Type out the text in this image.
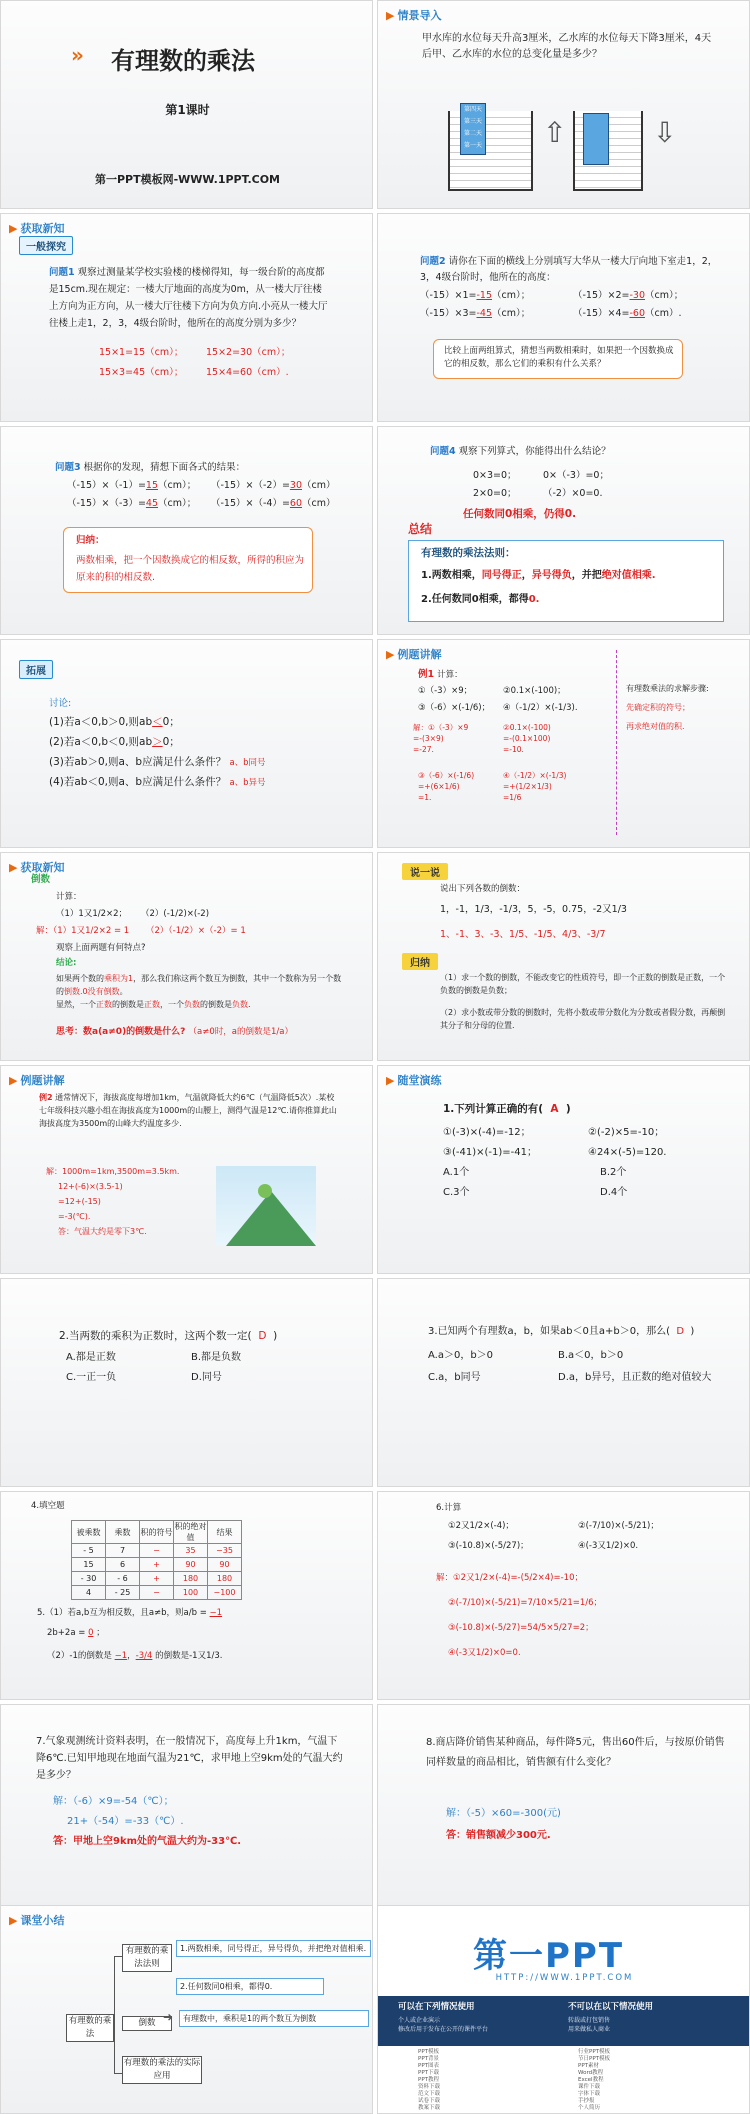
» 有理数的乘法
第1课时
第一PPT模板网-WWW.1PPT.COM
▶ 情景导入
甲水库的水位每天升高3厘米，乙水库的水位每天下降3厘米，4天后甲、乙水库的水位的总变化量是多少？
第四天
第三天
第二天
第一天 ⇧	⇩
▶ 获取新知
一般探究
问题1 观察过测量某学校实验楼的楼梯得知，每一级台阶的高度都是15cm.现在规定：一楼大厅地面的高度为0m，从一楼大厅往楼上方向为正方向，从一楼大厅往楼下方向为负方向.小亮从一楼大厅往楼上走1，2，3，4级台阶时，他所在的高度分别为多少？
15×1=15（cm）； 15×2=30（cm）；
15×3=45（cm）； 15×4=60（cm）.
问题2 请你在下面的横线上分别填写大华从一楼大厅向地下室走1，2，3，4级台阶时，他所在的高度：
（-15）×1=-15（cm）；	（-15）×2=-30（cm）；
（-15）×3=-45（cm）；	（-15）×4=-60（cm）.
比较上面两组算式，猜想当两数相乘时，如果把一个因数换成它的相反数，那么它们的乘积有什么关系？
问题3 根据你的发现，猜想下面各式的结果：
（-15）×（-1）=15（cm）； （-15）×（-2）=30（cm）
（-15）×（-3）=45（cm）； （-15）×（-4）=60（cm）
归纳：
两数相乘，把一个因数换成它的相反数，所得的积应为原来的积的相反数.
问题4 观察下列算式，你能得出什么结论？
0×3=0；	0×（-3）=0；
2×0=0；	（-2）×0=0.
任何数同0相乘，仍得0.
总结
有理数的乘法法则：
1.两数相乘，同号得正，异号得负，并把绝对值相乘.
2.任何数同0相乘，都得0.
拓展
讨论:
(1)若a＜0,b＞0,则ab＜0；
(2)若a＜0,b＜0,则ab＞0；
(3)若ab＞0,则a、b应满足什么条件？ a、b同号
(4)若ab＜0,则a、b应满足什么条件？ a、b异号
▶ 例题讲解
例1 计算：
①（-3）×9；	②0.1×(-100)；
③（-6）×(-1/6)； ④（-1/2）×(-1/3).
解：①（-3）×9
=-(3×9)
=-27.
②0.1×(-100)
=-(0.1×100)
=-10.
③（-6）×(-1/6)
=+(6×1/6)
=1.
④（-1/2）×(-1/3)
=+(1/2×1/3)
=1/6
有理数乘法的求解步骤:
先确定积的符号；
再求绝对值的积.
▶ 获取新知
倒数
计算：
（1）1又1/2×2； （2）(-1/2)×(-2)
解：（1）1又1/2×2 = 1 （2）（-1/2）×（-2）= 1
观察上面两题有何特点?
结论:
如果两个数的乘积为1，那么我们称这两个数互为倒数，其中一个数称为另一个数的倒数.0没有倒数。
显然，一个正数的倒数是正数，一个负数的倒数是负数.
思考：数a(a≠0)的倒数是什么? （a≠0时，a的倒数是1/a）
说一说
说出下列各数的倒数：
1，-1，1/3，-1/3，5，-5，0.75，-2又1/3
1、-1、3、-3、1/5、-1/5、4/3、-3/7
归纳
（1）求一个数的倒数，不能改变它的性质符号，即一个正数的倒数是正数，一个负数的倒数是负数；
（2）求小数或带分数的倒数时，先将小数或带分数化为分数或者假分数，再颠倒其分子和分母的位置.
▶ 例题讲解
例2 通常情况下，海拔高度每增加1km，气温就降低大约6℃（气温降低5次）.某校七年级科技兴趣小组在海拔高度为1000m的山腰上，测得气温是12℃.请你推算此山海拔高度为3500m的山峰大约温度多少.
解：1000m=1km,3500m=3.5km.
12+(-6)×(3.5-1)
=12+(-15)
=-3(℃).
答：气温大约是零下3℃.
▶ 随堂演练
1.下列计算正确的有( A )
①(-3)×(-4)=-12；	②(-2)×5=-10；
③(-41)×(-1)=-41；	④24×(-5)=120.
A.1个	B.2个
C.3个	D.4个
2.当两数的乘积为正数时，这两个数一定( D )
A.都是正数	B.都是负数
C.一正一负	D.同号
3.已知两个有理数a，b，如果ab＜0且a+b＞0，那么( D )
A.a＞0，b＞0	B.a＜0，b＞0
C.a，b同号	D.a，b异号，且正数的绝对值较大
4.填空题
被乘数	乘数	积的符号	积的绝对值	结果
- 5	7	−	35	−35
15	6	+	90	90
- 30	- 6	+	180	180
4	- 25	−	100	−100
5.（1）若a,b互为相反数，且a≠b，则a/b = −1
2b+2a = 0 ；
（2）-1的倒数是 −1，-3/4 的倒数是-1又1/3.
6.计算
①2又1/2×(-4)；	②(-7/10)×(-5/21)；
③(-10.8)×(-5/27)；	④(-3又1/2)×0.
解：①2又1/2×(-4)=-(5/2×4)=-10；
②(-7/10)×(-5/21)=7/10×5/21=1/6；
③(-10.8)×(-5/27)=54/5×5/27=2；
④(-3又1/2)×0=0.
7.气象观测统计资料表明，在一般情况下，高度每上升1km，气温下降6℃.已知甲地现在地面气温为21℃，求甲地上空9km处的气温大约是多少？
解：（-6）×9=-54（℃）；
21+（-54）=-33（℃）.
答：甲地上空9km处的气温大约为-33℃.
8.商店降价销售某种商品，每件降5元，售出60件后，与按原价销售同样数量的商品相比，销售额有什么变化？
解：（-5）×60=-300(元)
答：销售额减少300元.
▶ 课堂小结
有理数的乘法
有理数的乘法法则
倒数
有理数的乘法的实际应用
1.两数相乘，同号得正，异号得负，并把绝对值相乘.
2.任何数同0相乘，都得0.
➜	有理数中，乘积是1的两个数互为倒数
第一PPT
HTTP://WWW.1PPT.COM
可以在下列情况使用	不可以在以下情况使用
个人或企业演示
修改后用于发布在公开的课件平台
转载或打包销售
用来做私人商业
PPT模板
PPT背景
PPT图表
PPT下载
PPT教程
资料下载
范文下载
试卷下载
教案下载
行业PPT模板
节日PPT模板
PPT素材
Word教程
Excel教程
课件下载
字体下载
手抄报
个人简历
